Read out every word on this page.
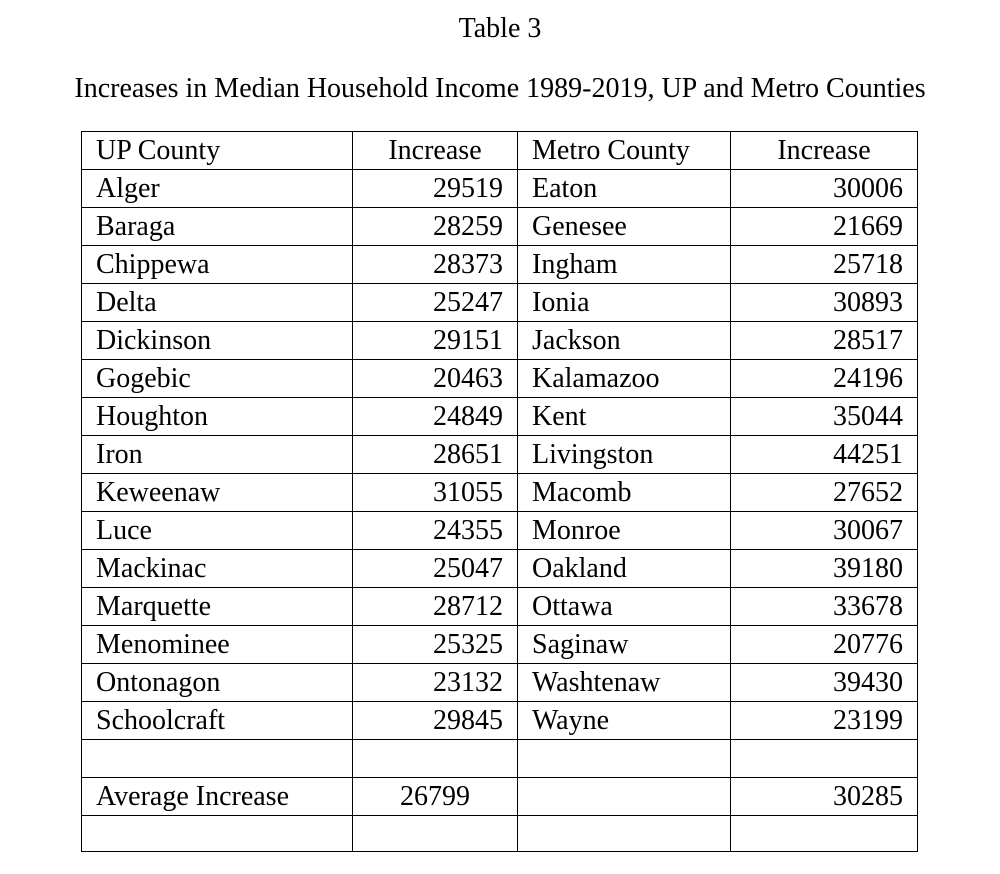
Table 3
Increases in Median Household Income 1989-2019, UP and Metro Counties
UP County	Increase	Metro County	Increase
Alger	29519	Eaton	30006
Baraga	28259	Genesee	21669
Chippewa	28373	Ingham	25718
Delta	25247	Ionia	30893
Dickinson	29151	Jackson	28517
Gogebic	20463	Kalamazoo	24196
Houghton	24849	Kent	35044
Iron	28651	Livingston	44251
Keweenaw	31055	Macomb	27652
Luce	24355	Monroe	30067
Mackinac	25047	Oakland	39180
Marquette	28712	Ottawa	33678
Menominee	25325	Saginaw	20776
Ontonagon	23132	Washtenaw	39430
Schoolcraft	29845	Wayne	23199

Average Increase	26799		30285
